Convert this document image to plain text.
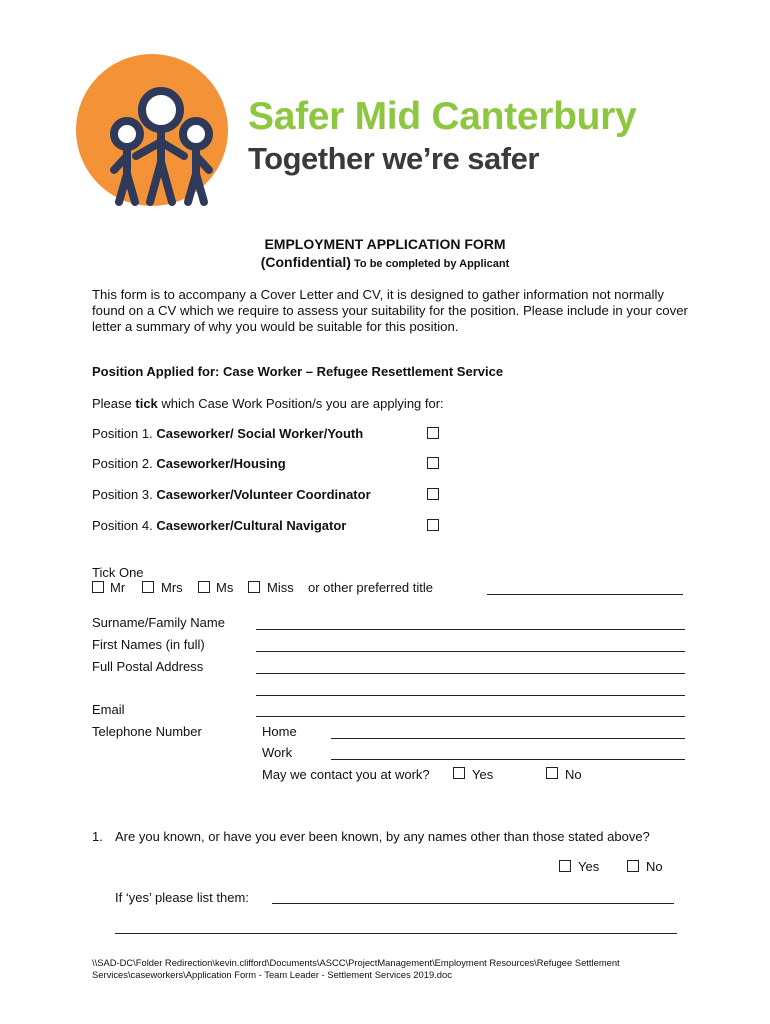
Safer Mid Canterbury
Together we’re safer
EMPLOYMENT APPLICATION FORM
(Confidential) To be completed by Applicant
This form is to accompany a Cover Letter and CV, it is designed to gather information not normally found on a CV which we require to assess your suitability for the position. Please include in your cover letter a summary of why you would be suitable for this position.
Position Applied for: Case Worker – Refugee Resettlement Service
Please tick which Case Work Position/s you are applying for:
Position 1. Caseworker/ Social Worker/Youth
Position 2. Caseworker/Housing
Position 3. Caseworker/Volunteer Coordinator
Position 4. Caseworker/Cultural Navigator
Tick One
Mr	Mrs	Ms	Miss or other preferred title
Surname/Family Name
First Names (in full)
Full Postal Address
Email
Telephone Number	Home
Work
May we contact you at work?	Yes	No
1. Are you known, or have you ever been known, by any names other than those stated above?
Yes	No
If ‘yes’ please list them:
\\SAD-DC\Folder Redirection\kevin.clifford\Documents\ASCC\ProjectManagement\Employment Resources\Refugee Settlement Services\caseworkers\Application Form - Team Leader - Settlement Services 2019.doc
